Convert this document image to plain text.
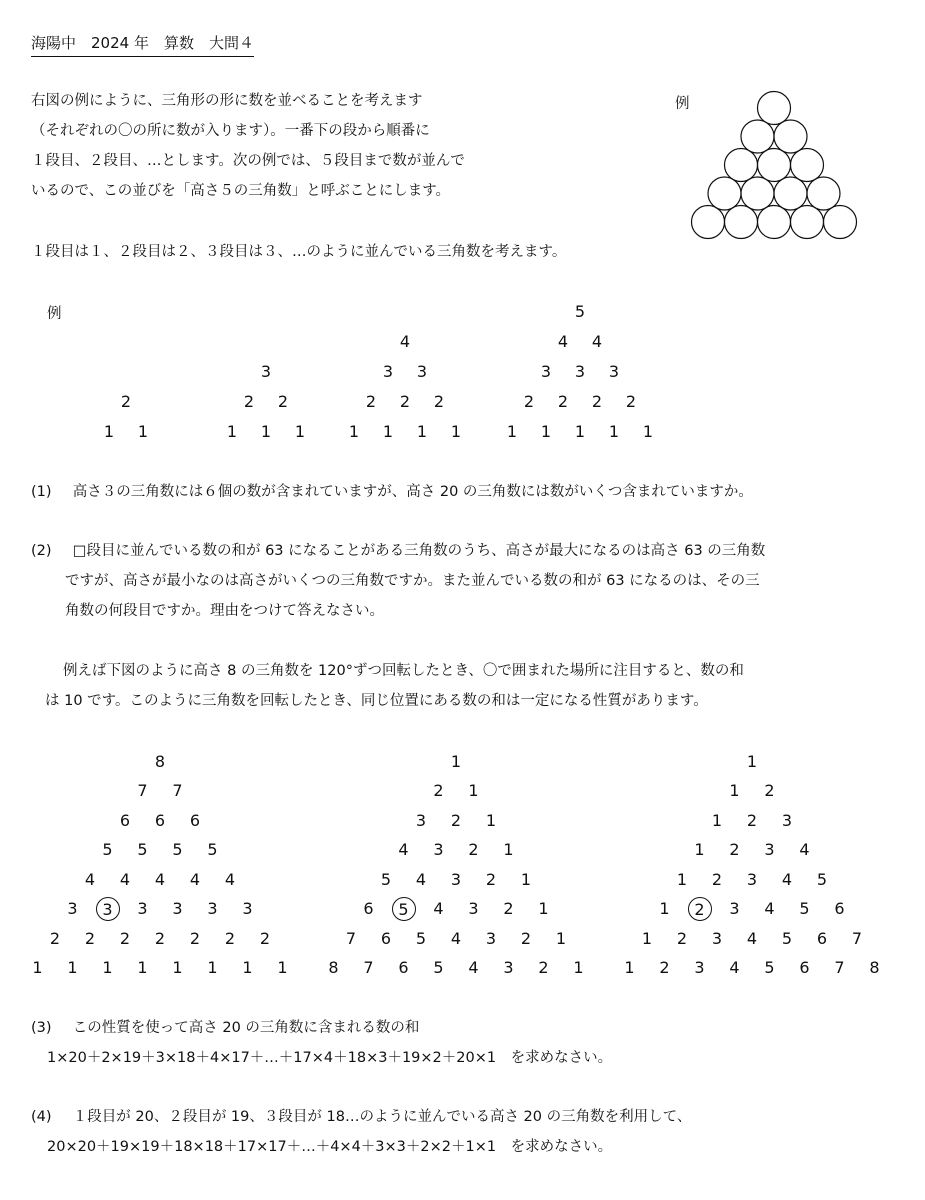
海陽中　2024 年　算数　大問４
右図の例にように、三角形の形に数を並べることを考えます
（それぞれの〇の所に数が入ります）。一番下の段から順番に
１段目、２段目、…とします。次の例では、５段目まで数が並んで
いるので、この並びを「高さ５の三角数」と呼ぶことにします。
例
１段目は１、２段目は２、３段目は３、…のように並んでいる三角数を考えます。
例
2
1	1
3
2	2
1	1	1
4
3	3
2	2	2
1	1	1	1
5
4	4
3	3	3
2	2	2	2
1	1	1	1	1
(1) 高さ３の三角数には６個の数が含まれていますが、高さ 20 の三角数には数がいくつ含まれていますか。
(2) □段目に並んでいる数の和が 63 になることがある三角数のうち、高さが最大になるのは高さ 63 の三角数
ですが、高さが最小なのは高さがいくつの三角数ですか。また並んでいる数の和が 63 になるのは、その三
角数の何段目ですか。理由をつけて答えなさい。
例えば下図のように高さ 8 の三角数を 120°ずつ回転したとき、〇で囲まれた場所に注目すると、数の和
は 10 です。このように三角数を回転したとき、同じ位置にある数の和は一定になる性質があります。
8
7	7
6	6	6
5	5	5	5
4	4	4	4	4
3	3	3	3	3	3
2	2	2	2	2	2	2
1	1	1	1	1	1	1	1
1
2	1
3	2	1
4	3	2	1
5	4	3	2	1
6	5	4	3	2	1
7	6	5	4	3	2	1
8	7	6	5	4	3	2	1
1
1	2
1	2	3
1	2	3	4
1	2	3	4	5
1	2	3	4	5	6
1	2	3	4	5	6	7
1	2	3	4	5	6	7	8
(3) この性質を使って高さ 20 の三角数に含まれる数の和
1×20＋2×19＋3×18＋4×17＋…＋17×4＋18×3＋19×2＋20×1　を求めなさい。
(4) １段目が 20、２段目が 19、３段目が 18…のように並んでいる高さ 20 の三角数を利用して、
20×20＋19×19＋18×18＋17×17＋…＋4×4＋3×3＋2×2＋1×1　を求めなさい。
